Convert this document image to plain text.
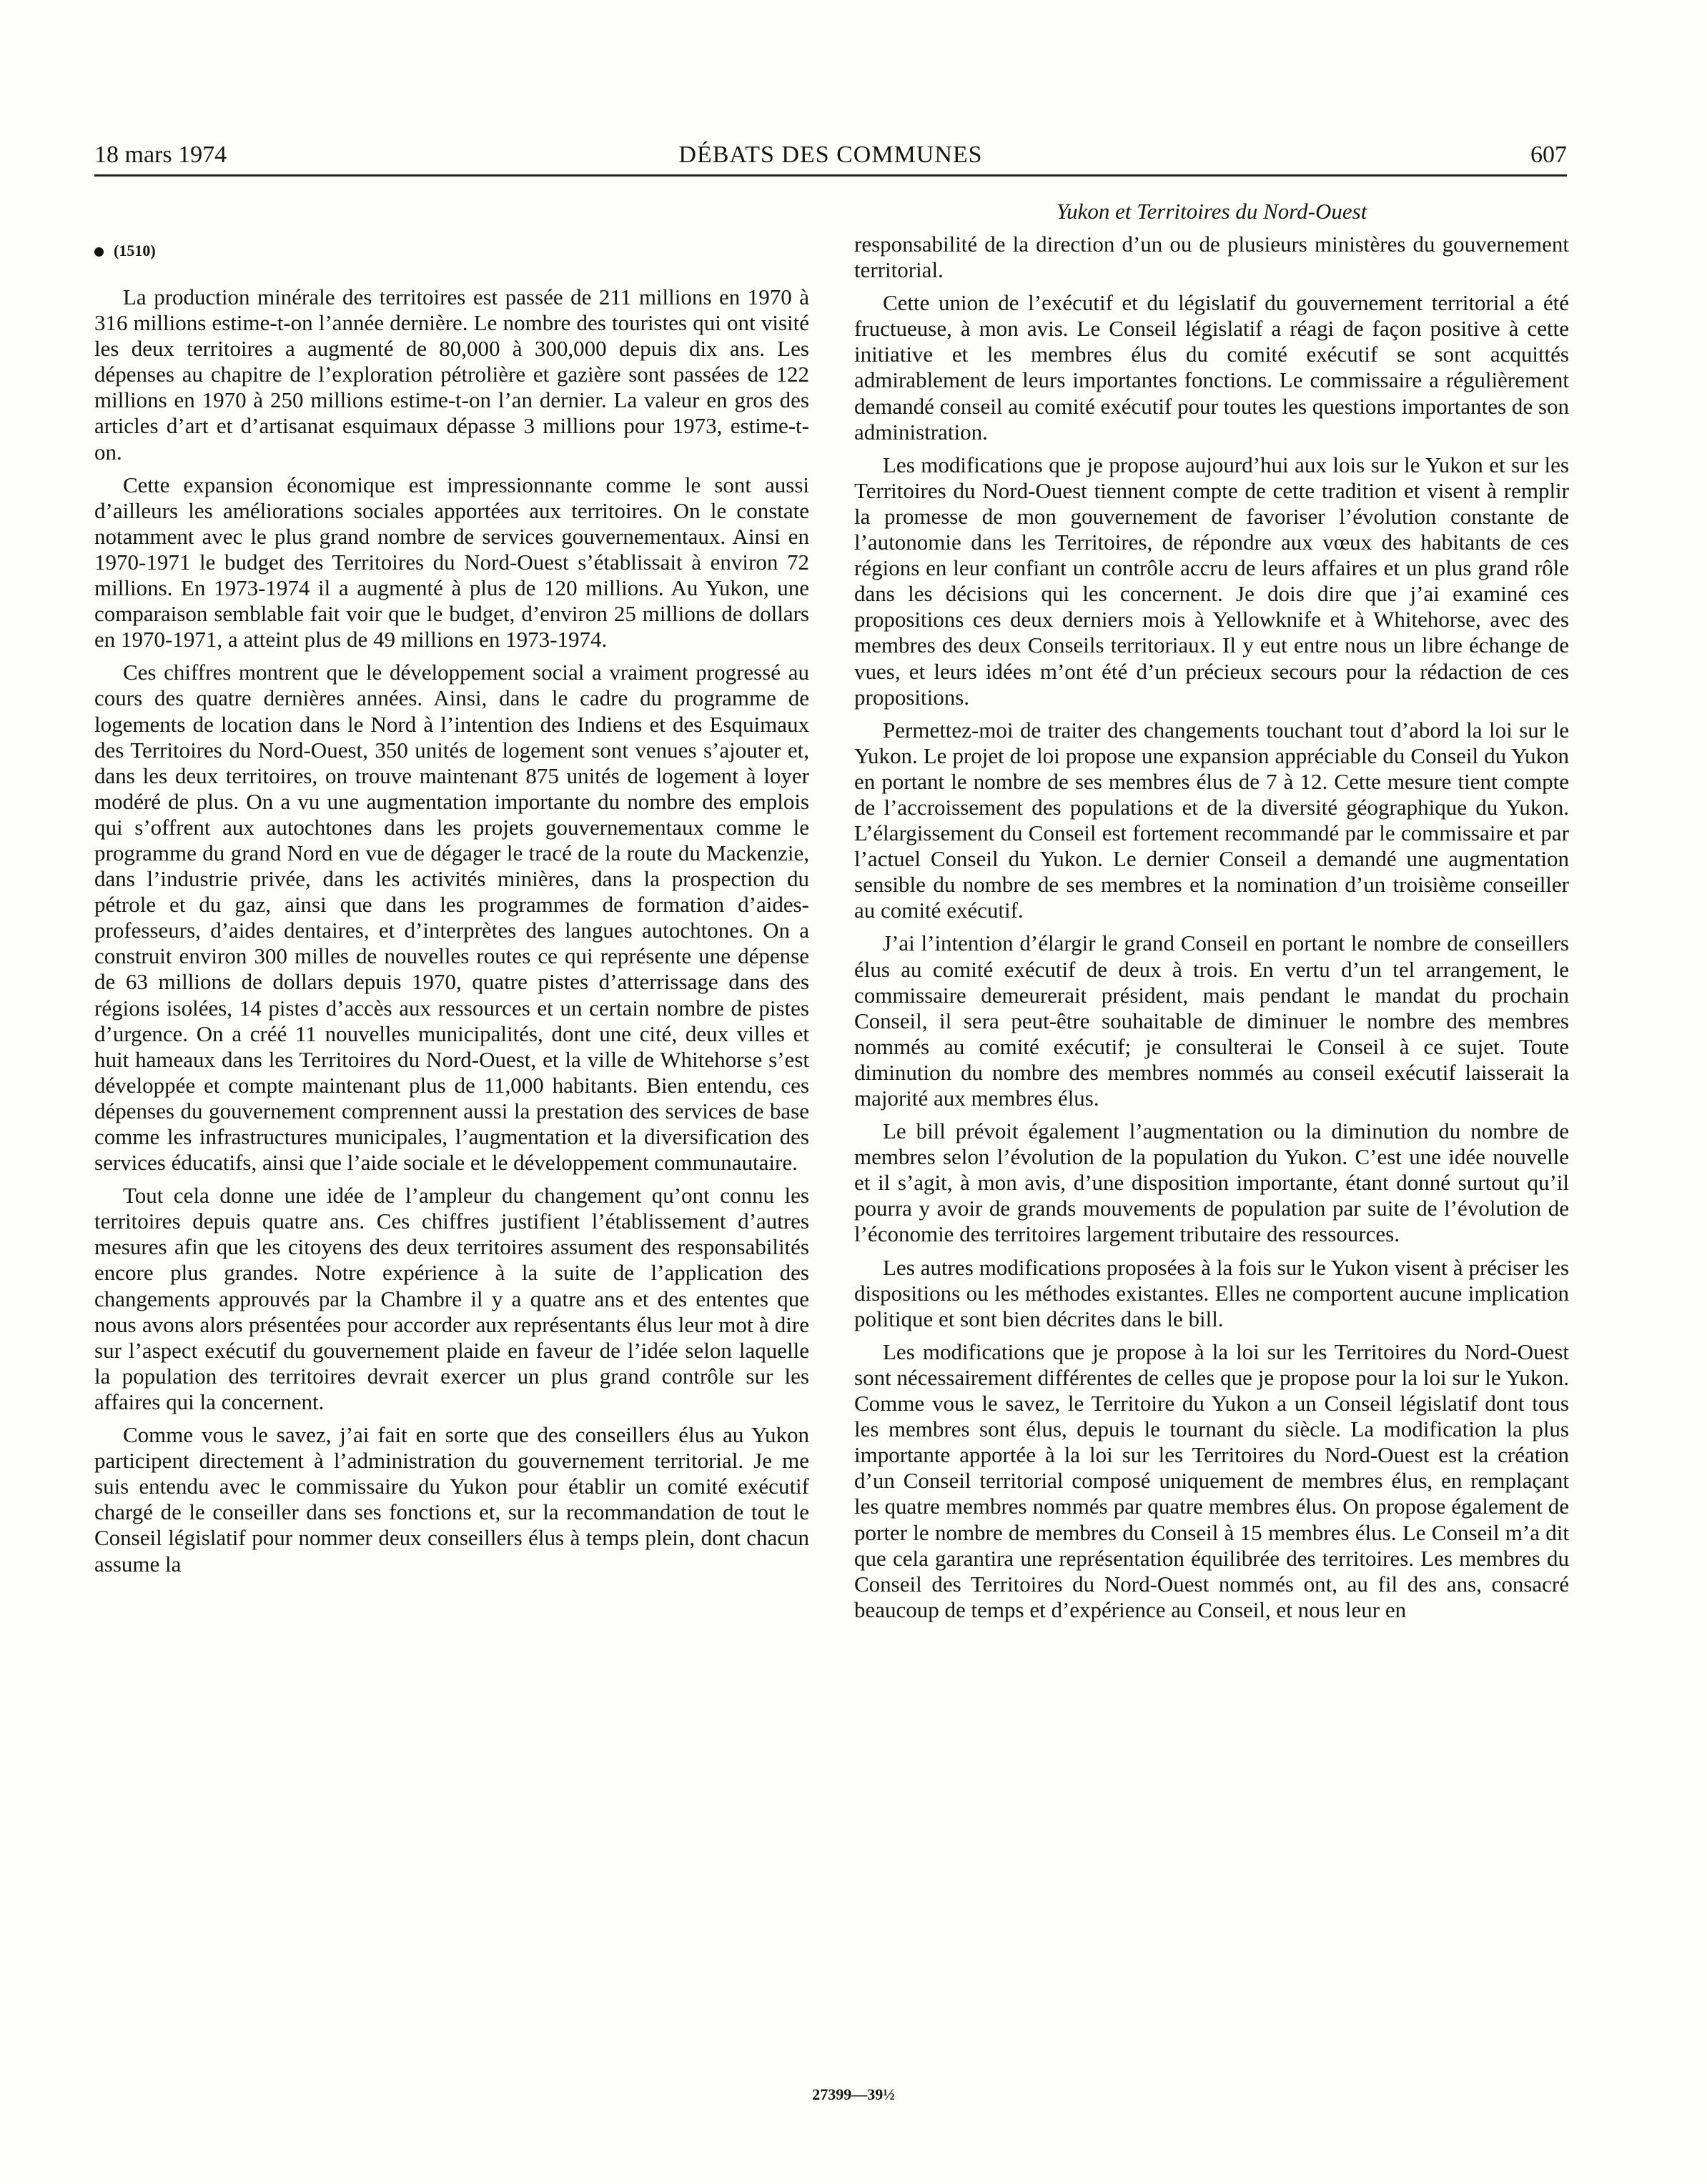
18 mars 1974	DÉBATS DES COMMUNES	607
Yukon et Territoires du Nord-Ouest
(1510)

La production minérale des territoires est passée de 211 millions en 1970 à 316 millions estime-t-on l’année dernière. Le nombre des touristes qui ont visité les deux territoires a augmenté de 80,000 à 300,000 depuis dix ans. Les dépenses au chapitre de l’exploration pétrolière et gazière sont passées de 122 millions en 1970 à 250 millions estime-t-on l’an dernier. La valeur en gros des articles d’art et d’artisanat esquimaux dépasse 3 millions pour 1973, estime-t-on.

Cette expansion économique est impressionnante comme le sont aussi d’ailleurs les améliorations sociales apportées aux territoires. On le constate notamment avec le plus grand nombre de services gouvernementaux. Ainsi en 1970-1971 le budget des Territoires du Nord-Ouest s’établissait à environ 72 millions. En 1973-1974 il a augmenté à plus de 120 millions. Au Yukon, une comparaison semblable fait voir que le budget, d’environ 25 millions de dollars en 1970-1971, a atteint plus de 49 millions en 1973-1974.

Ces chiffres montrent que le développement social a vraiment progressé au cours des quatre dernières années. Ainsi, dans le cadre du programme de logements de location dans le Nord à l’intention des Indiens et des Esquimaux des Territoires du Nord-Ouest, 350 unités de logement sont venues s’ajouter et, dans les deux territoires, on trouve maintenant 875 unités de logement à loyer modéré de plus. On a vu une augmentation importante du nombre des emplois qui s’offrent aux autochtones dans les projets gouvernementaux comme le programme du grand Nord en vue de dégager le tracé de la route du Mackenzie, dans l’industrie privée, dans les activités minières, dans la prospection du pétrole et du gaz, ainsi que dans les programmes de formation d’aides-professeurs, d’aides dentaires, et d’interprètes des langues autochtones. On a construit environ 300 milles de nouvelles routes ce qui représente une dépense de 63 millions de dollars depuis 1970, quatre pistes d’atterrissage dans des régions isolées, 14 pistes d’accès aux ressources et un certain nombre de pistes d’urgence. On a créé 11 nouvelles municipalités, dont une cité, deux villes et huit hameaux dans les Territoires du Nord-Ouest, et la ville de Whitehorse s’est développée et compte maintenant plus de 11,000 habitants. Bien entendu, ces dépenses du gouvernement comprennent aussi la prestation des services de base comme les infrastructures municipales, l’augmentation et la diversification des services éducatifs, ainsi que l’aide sociale et le développement communautaire.

Tout cela donne une idée de l’ampleur du changement qu’ont connu les territoires depuis quatre ans. Ces chiffres justifient l’établissement d’autres mesures afin que les citoyens des deux territoires assument des responsabilités encore plus grandes. Notre expérience à la suite de l’application des changements approuvés par la Chambre il y a quatre ans et des ententes que nous avons alors présentées pour accorder aux représentants élus leur mot à dire sur l’aspect exécutif du gouvernement plaide en faveur de l’idée selon laquelle la population des territoires devrait exercer un plus grand contrôle sur les affaires qui la concernent.

Comme vous le savez, j’ai fait en sorte que des conseillers élus au Yukon participent directement à l’administration du gouvernement territorial. Je me suis entendu avec le commissaire du Yukon pour établir un comité exécutif chargé de le conseiller dans ses fonctions et, sur la recommandation de tout le Conseil législatif pour nommer deux conseillers élus à temps plein, dont chacun assume la

responsabilité de la direction d’un ou de plusieurs ministères du gouvernement territorial.

Cette union de l’exécutif et du législatif du gouvernement territorial a été fructueuse, à mon avis. Le Conseil législatif a réagi de façon positive à cette initiative et les membres élus du comité exécutif se sont acquittés admirablement de leurs importantes fonctions. Le commissaire a régulièrement demandé conseil au comité exécutif pour toutes les questions importantes de son administration.

Les modifications que je propose aujourd’hui aux lois sur le Yukon et sur les Territoires du Nord-Ouest tiennent compte de cette tradition et visent à remplir la promesse de mon gouvernement de favoriser l’évolution constante de l’autonomie dans les Territoires, de répondre aux vœux des habitants de ces régions en leur confiant un contrôle accru de leurs affaires et un plus grand rôle dans les décisions qui les concernent. Je dois dire que j’ai examiné ces propositions ces deux derniers mois à Yellowknife et à Whitehorse, avec des membres des deux Conseils territoriaux. Il y eut entre nous un libre échange de vues, et leurs idées m’ont été d’un précieux secours pour la rédaction de ces propositions.

Permettez-moi de traiter des changements touchant tout d’abord la loi sur le Yukon. Le projet de loi propose une expansion appréciable du Conseil du Yukon en portant le nombre de ses membres élus de 7 à 12. Cette mesure tient compte de l’accroissement des populations et de la diversité géographique du Yukon. L’élargissement du Conseil est fortement recommandé par le commissaire et par l’actuel Conseil du Yukon. Le dernier Conseil a demandé une augmentation sensible du nombre de ses membres et la nomination d’un troisième conseiller au comité exécutif.

J’ai l’intention d’élargir le grand Conseil en portant le nombre de conseillers élus au comité exécutif de deux à trois. En vertu d’un tel arrangement, le commissaire demeurerait président, mais pendant le mandat du prochain Conseil, il sera peut-être souhaitable de diminuer le nombre des membres nommés au comité exécutif; je consulterai le Conseil à ce sujet. Toute diminution du nombre des membres nommés au conseil exécutif laisserait la majorité aux membres élus.

Le bill prévoit également l’augmentation ou la diminution du nombre de membres selon l’évolution de la population du Yukon. C’est une idée nouvelle et il s’agit, à mon avis, d’une disposition importante, étant donné surtout qu’il pourra y avoir de grands mouvements de population par suite de l’évolution de l’économie des territoires largement tributaire des ressources.

Les autres modifications proposées à la fois sur le Yukon visent à préciser les dispositions ou les méthodes existantes. Elles ne comportent aucune implication politique et sont bien décrites dans le bill.

Les modifications que je propose à la loi sur les Territoires du Nord-Ouest sont nécessairement différentes de celles que je propose pour la loi sur le Yukon. Comme vous le savez, le Territoire du Yukon a un Conseil législatif dont tous les membres sont élus, depuis le tournant du siècle. La modification la plus importante apportée à la loi sur les Territoires du Nord-Ouest est la création d’un Conseil territorial composé uniquement de membres élus, en remplaçant les quatre membres nommés par quatre membres élus. On propose également de porter le nombre de membres du Conseil à 15 membres élus. Le Conseil m’a dit que cela garantira une représentation équilibrée des territoires. Les membres du Conseil des Territoires du Nord-Ouest nommés ont, au fil des ans, consacré beaucoup de temps et d’expérience au Conseil, et nous leur en

27399—39½
